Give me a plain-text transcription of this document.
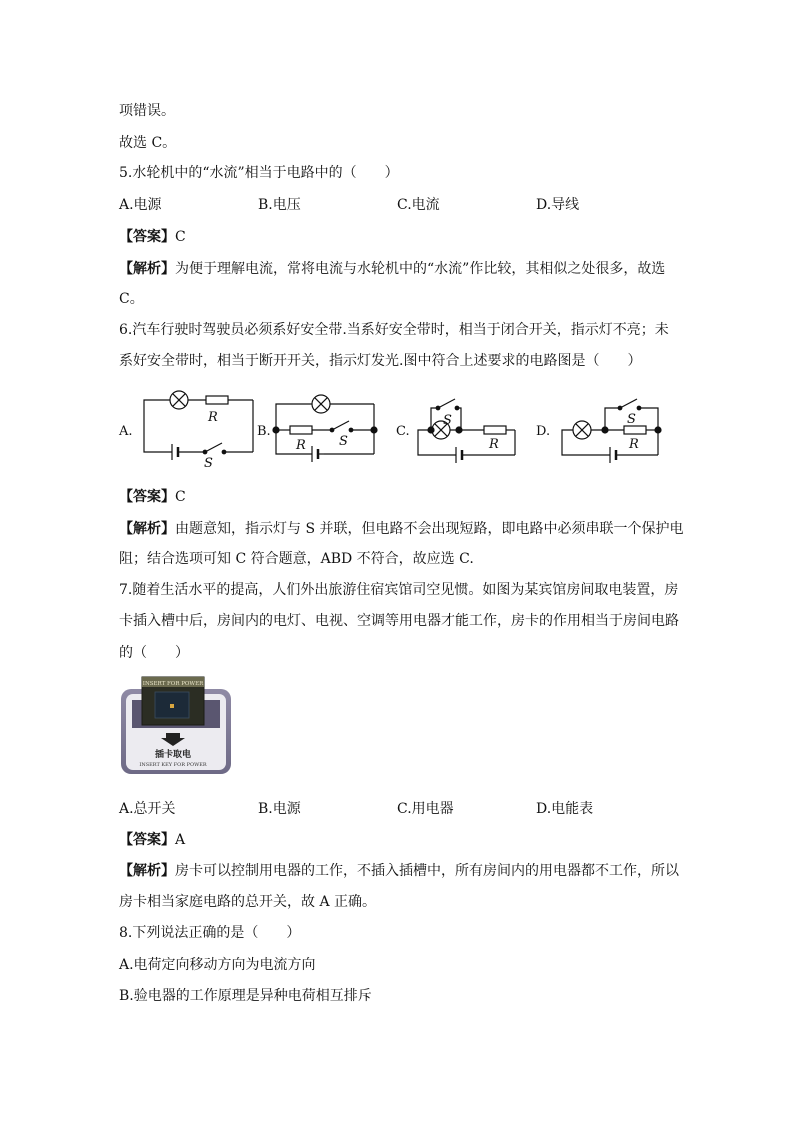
项错误。
故选 C。
5.水轮机中的“水流”相当于电路中的（　　）
A.电源	B.电压	C.电流	D.导线
【答案】C
【解析】为便于理解电流，常将电流与水轮机中的“水流”作比较，其相似之处很多，故选
C。
6.汽车行驶时驾驶员必须系好安全带.当系好安全带时，相当于闭合开关，指示灯不亮；未
系好安全带时，相当于断开开关，指示灯发光.图中符合上述要求的电路图是（　　）
A.
R
S
B.
R	S
C.
S
R
D.
S
R
【答案】C
【解析】由题意知，指示灯与 S 并联，但电路不会出现短路，即电路中必须串联一个保护电
阻；结合选项可知 C 符合题意，ABD 不符合，故应选 C.
7.随着生活水平的提高，人们外出旅游住宿宾馆司空见惯。如图为某宾馆房间取电装置，房
卡插入槽中后，房间内的电灯、电视、空调等用电器才能工作，房卡的作用相当于房间电路
的（　　）
INSERT FOR POWER
插卡取电
INSERT KEY FOR POWER
A.总开关	B.电源	C.用电器	D.电能表
【答案】A
【解析】房卡可以控制用电器的工作，不插入插槽中，所有房间内的用电器都不工作，所以
房卡相当家庭电路的总开关，故 A 正确。
8.下列说法正确的是（　　）
A.电荷定向移动方向为电流方向
B.验电器的工作原理是异种电荷相互排斥
